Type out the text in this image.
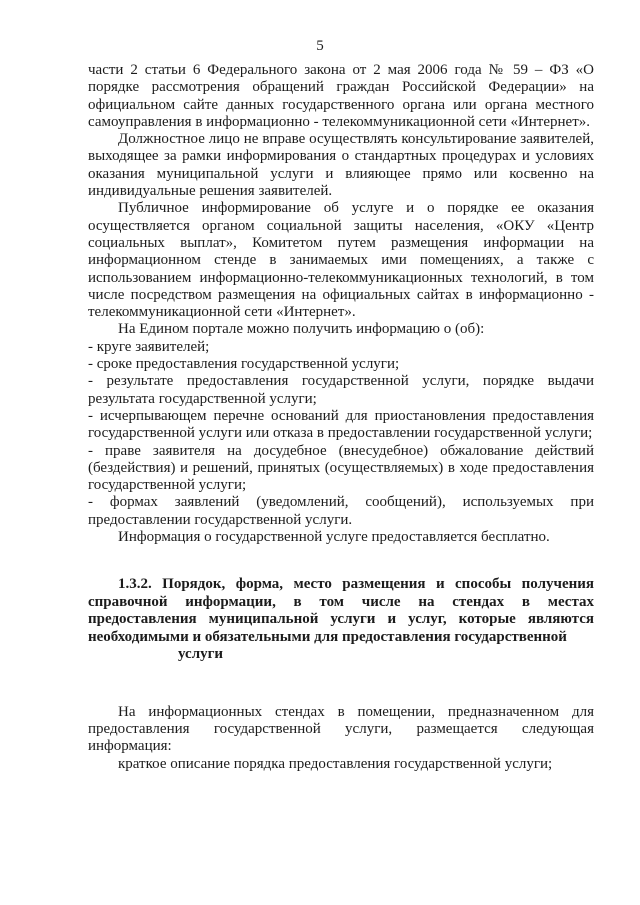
5

части 2 статьи 6 Федерального закона от 2 мая 2006 года № 59 – ФЗ «О порядке рассмотрения обращений граждан Российской Федерации» на официальном сайте данных государственного органа или органа местного самоуправления в информационно - телекоммуникационной сети «Интернет».

Должностное лицо не вправе осуществлять консультирование заявителей, выходящее за рамки информирования о стандартных процедурах и условиях оказания муниципальной услуги и влияющее прямо или косвенно на индивидуальные решения заявителей.

Публичное информирование об услуге и о порядке ее оказания осуществляется органом социальной защиты населения, «ОКУ «Центр социальных выплат», Комитетом путем размещения информации на информационном стенде в занимаемых ими помещениях, а также с использованием информационно-телекоммуникационных технологий, в том числе посредством размещения на официальных сайтах в информационно - телекоммуникационной сети «Интернет».

На Едином портале можно получить информацию о (об):

- круге заявителей;

- сроке предоставления государственной услуги;

- результате предоставления государственной услуги, порядке выдачи результата государственной услуги;

- исчерпывающем перечне оснований для приостановления предоставления государственной услуги или отказа в предоставлении государственной услуги;

- праве заявителя на досудебное (внесудебное) обжалование действий (бездействия) и решений, принятых (осуществляемых) в ходе предоставления государственной услуги;

- формах заявлений (уведомлений, сообщений), используемых при предоставлении государственной услуги.

Информация о государственной услуге предоставляется бесплатно.

1.3.2. Порядок, форма, место размещения и способы получения справочной информации, в том числе на стендах в местах предоставления муниципальной услуги и услуг, которые являются необходимыми и обязательными для предоставления государственной
услуги

На информационных стендах в помещении, предназначенном для предоставления государственной услуги, размещается следующая информация:

краткое описание порядка предоставления государственной услуги;
